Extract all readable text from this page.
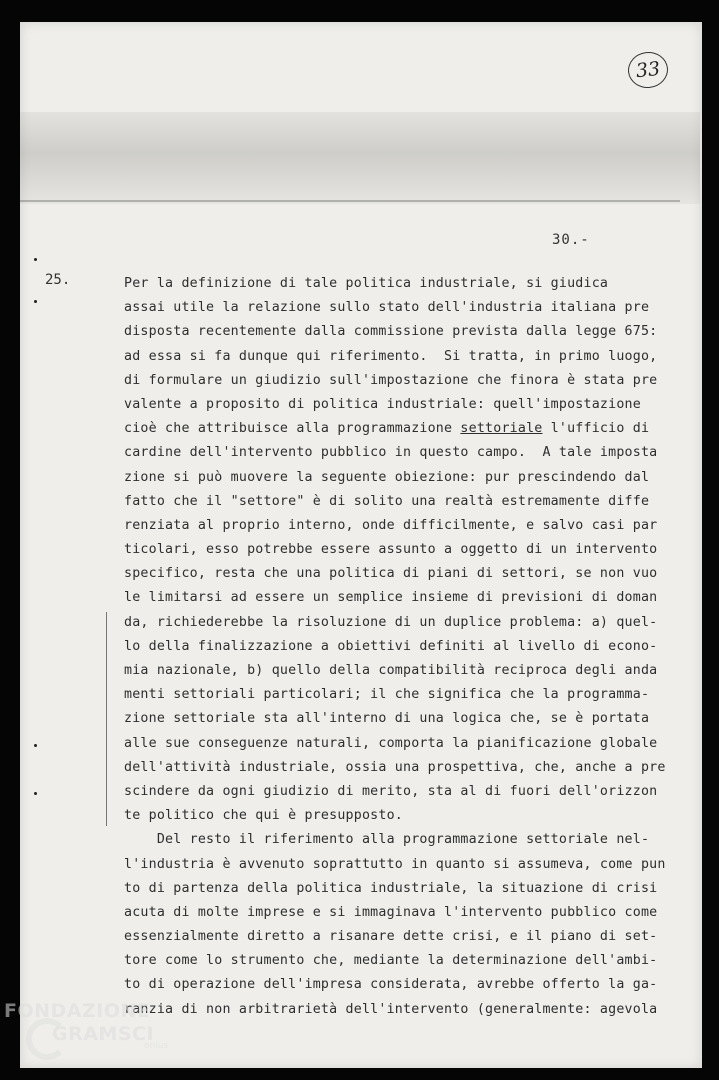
33
30.-
25.	Per la definizione di tale politica industriale, si giudica
assai utile la relazione sullo stato dell'industria italiana pre
disposta recentemente dalla commissione prevista dalla legge 675:
ad essa si fa dunque qui riferimento.  Si tratta, in primo luogo,
di formulare un giudizio sull'impostazione che finora è stata pre
valente a proposito di politica industriale: quell'impostazione
cioè che attribuisce alla programmazione settoriale l'ufficio di
cardine dell'intervento pubblico in questo campo.  A tale imposta
zione si può muovere la seguente obiezione: pur prescindendo dal
fatto che il "settore" è di solito una realtà estremamente diffe
renziata al proprio interno, onde difficilmente, e salvo casi par
ticolari, esso potrebbe essere assunto a oggetto di un intervento
specifico, resta che una politica di piani di settori, se non vuo
le limitarsi ad essere un semplice insieme di previsioni di doman
da, richiederebbe la risoluzione di un duplice problema: a) quel-
lo della finalizzazione a obiettivi definiti al livello di econo-
mia nazionale, b) quello della compatibilità reciproca degli anda
menti settoriali particolari; il che significa che la programma-
zione settoriale sta all'interno di una logica che, se è portata
alle sue conseguenze naturali, comporta la pianificazione globale
dell'attività industriale, ossia una prospettiva, che, anche a pre
scindere da ogni giudizio di merito, sta al di fuori dell'orizzon
te politico che qui è presupposto.
Del resto il riferimento alla programmazione settoriale nel-
l'industria è avvenuto soprattutto in quanto si assumeva, come pun
to di partenza della politica industriale, la situazione di crisi
acuta di molte imprese e si immaginava l'intervento pubblico come
essenzialmente diretto a risanare dette crisi, e il piano di set-
tore come lo strumento che, mediante la determinazione dell'ambi-
to di operazione dell'impresa considerata, avrebbe offerto la ga-
ranzia di non arbitrarietà dell'intervento (generalmente: agevola
FONDAZIONE
GRAMSCI
onlus
